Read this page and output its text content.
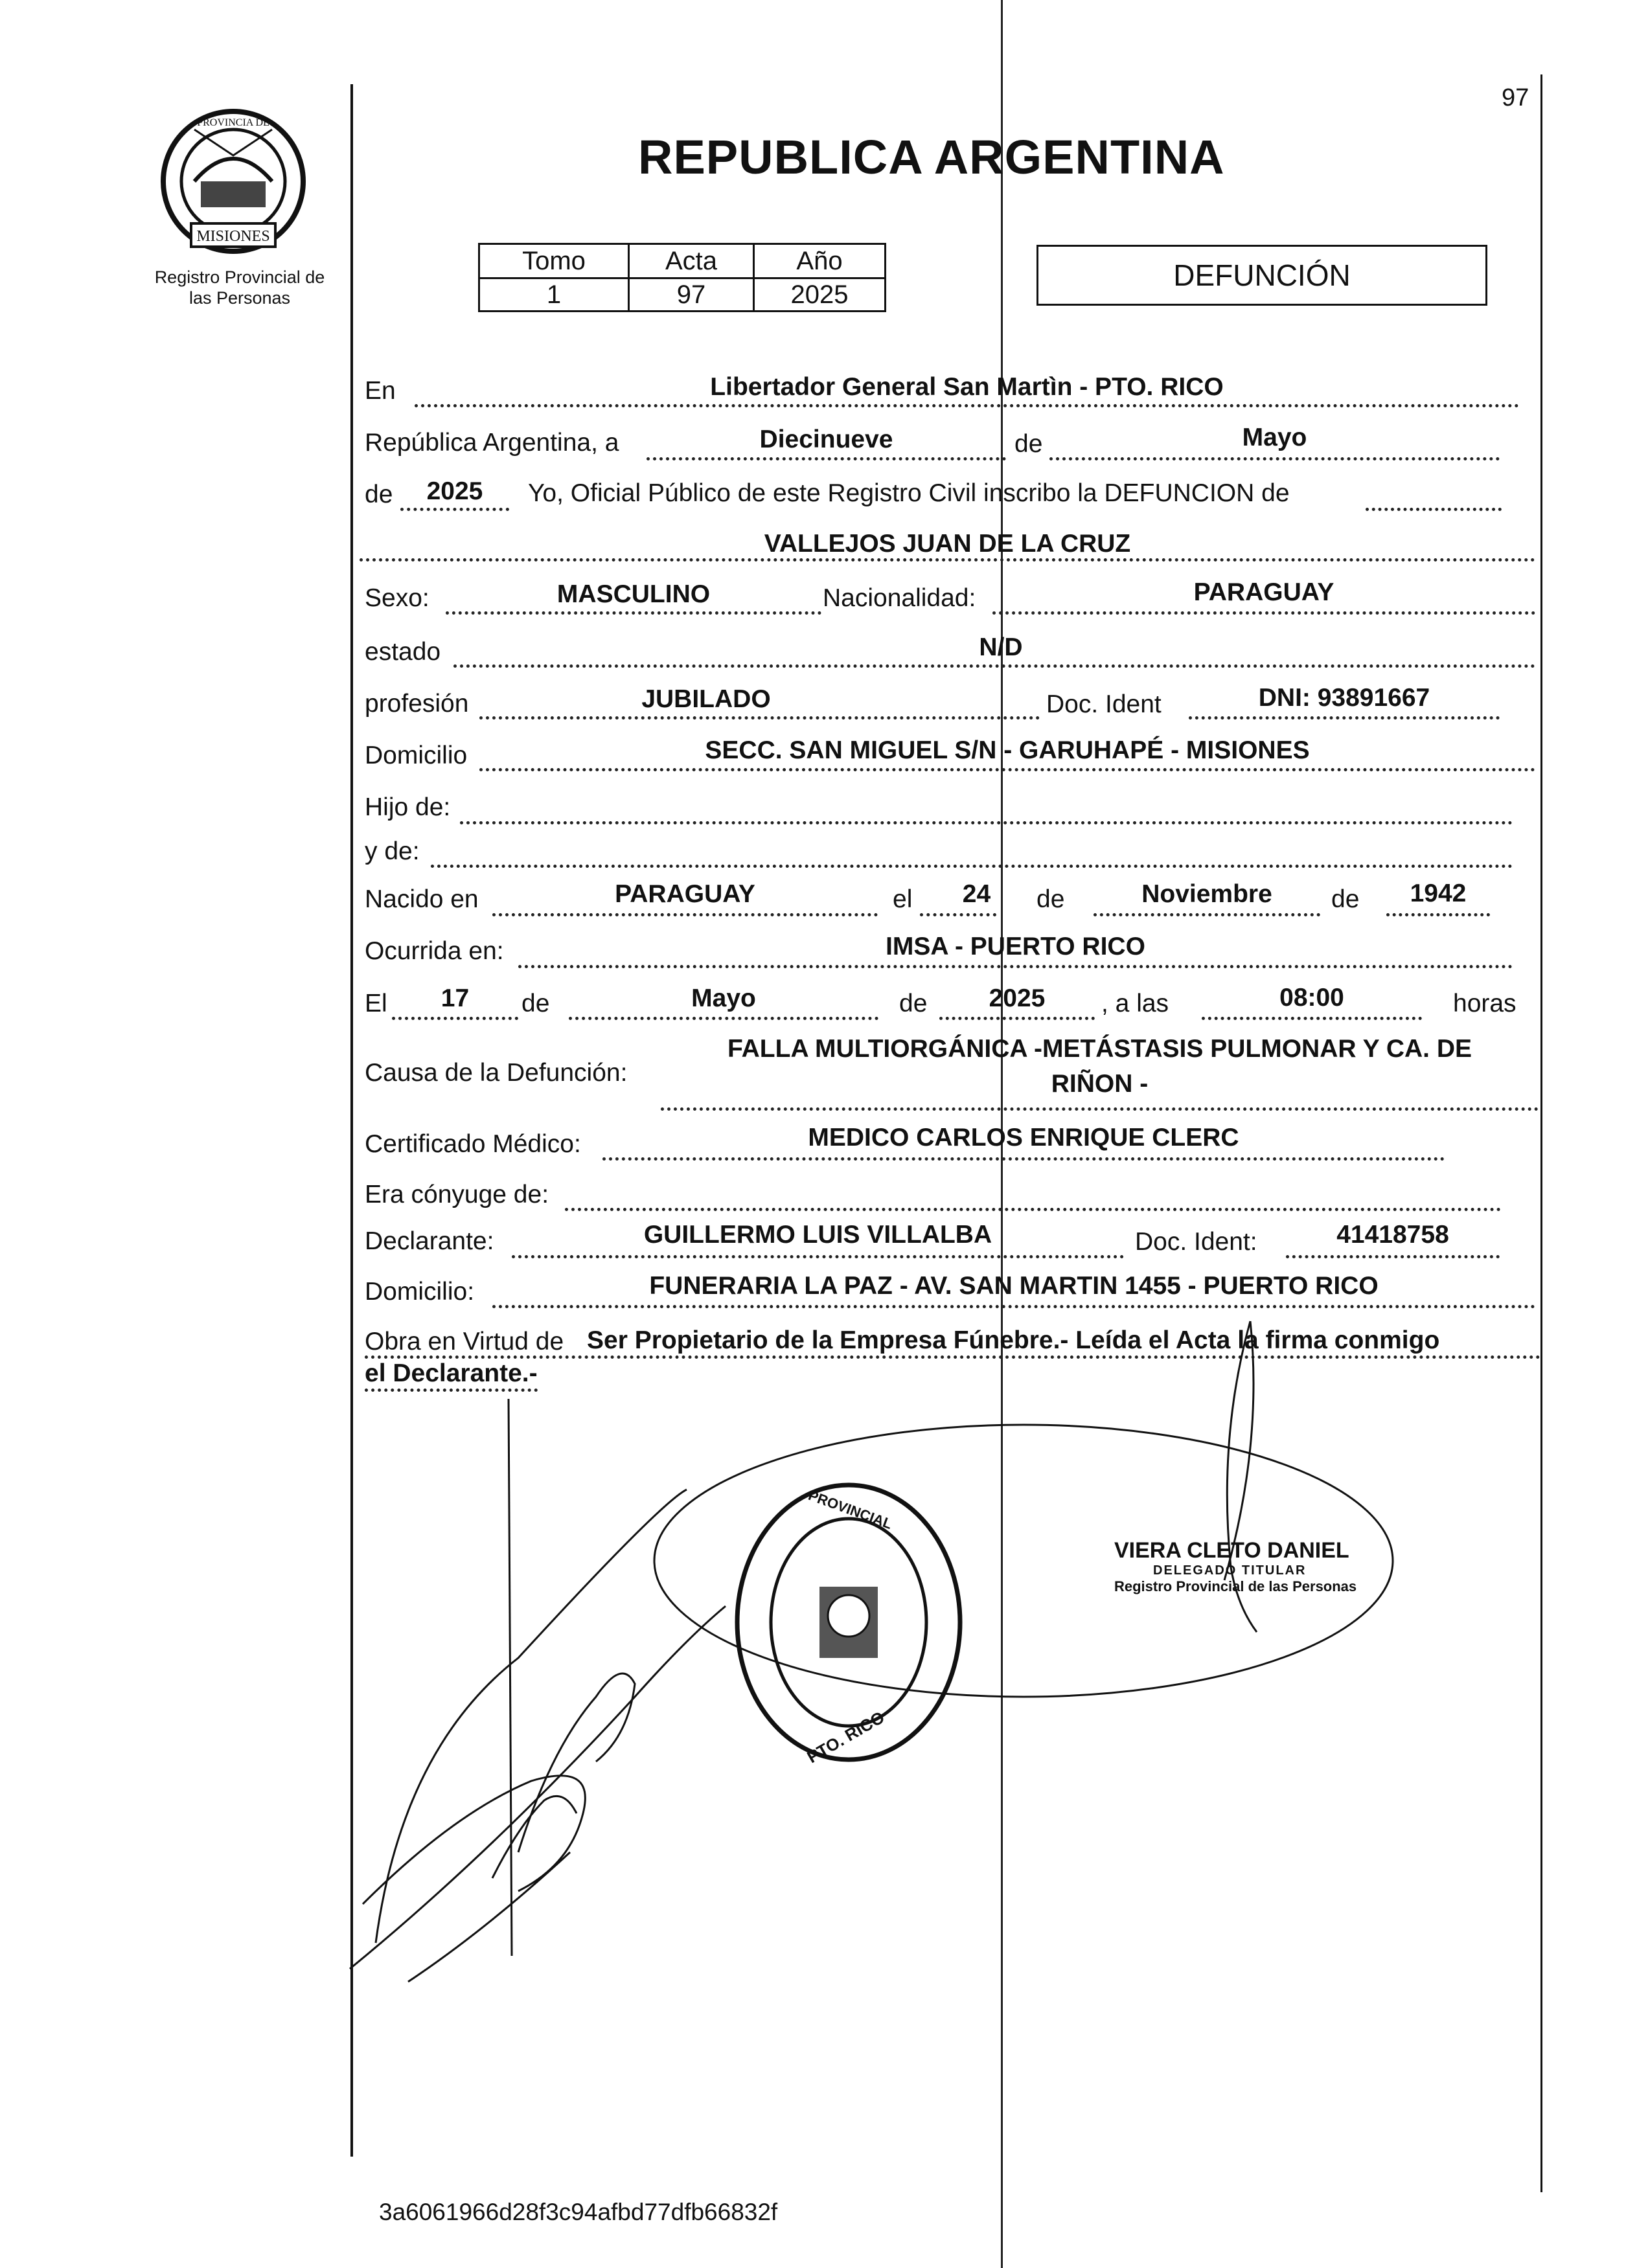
97
MISIONES
PROVINCIA DE
Registro Provincial de
las Personas
REPUBLICA ARGENTINA
Tomo	Acta	Año
1	97	2025
DEFUNCIÓN
En	Libertador General San Martìn - PTO. RICO
República Argentina, a	Diecinueve	de	Mayo
de	2025	Yo, Oficial Público de este Registro Civil inscribo la DEFUNCION de
VALLEJOS JUAN DE LA CRUZ
Sexo:	MASCULINO	Nacionalidad:	PARAGUAY
estado	N/D
profesión	JUBILADO	Doc. Ident	DNI: 93891667
Domicilio	SECC. SAN MIGUEL S/N - GARUHAPÉ - MISIONES
Hijo de:
y de:
Nacido en	PARAGUAY	el	24	de	Noviembre	de	1942
Ocurrida en:	IMSA - PUERTO RICO
El	17	de	Mayo	de	2025	, a las	08:00	horas
Causa de la Defunción:
FALLA MULTIORGÁNICA -METÁSTASIS PULMONAR Y CA. DE
RIÑON -
Certificado Médico:	MEDICO CARLOS ENRIQUE CLERC
Era cónyuge de:
Declarante:	GUILLERMO LUIS VILLALBA	Doc. Ident:	41418758
Domicilio:	FUNERARIA LA PAZ - AV. SAN MARTIN 1455 - PUERTO RICO
Obra en Virtud de Ser Propietario de la Empresa Fúnebre.- Leída el Acta la firma conmigo
el Declarante.-
PROVINCIAL
PTO. RICO
VIERA CLETO DANIEL
DELEGADO TITULAR
Registro Provincial de las Personas
3a6061966d28f3c94afbd77dfb66832f
